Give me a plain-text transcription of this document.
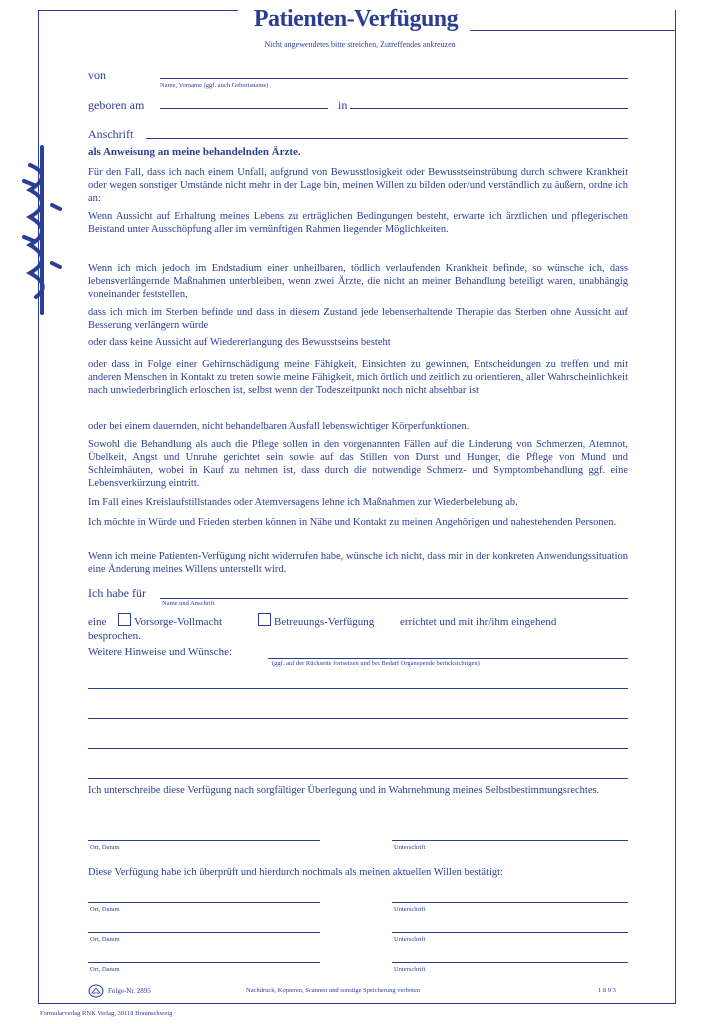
Patienten-Verfügung
Nicht angewendetes bitte streichen, Zutreffendes ankreuzen
von
Name, Vorname (ggf. auch Geburtsname)
geboren am	in
Anschrift
als Anweisung an meine behandelnden Ärzte.
Für den Fall, dass ich nach einem Unfall, aufgrund von Bewusstlosigkeit oder Bewusstseinstrübung durch schwere Krankheit oder wegen sonstiger Umstände nicht mehr in der Lage bin, meinen Willen zu bilden oder/und verständlich zu äußern, ordne ich an:
Wenn Aussicht auf Erhaltung meines Lebens zu erträglichen Bedingungen besteht, erwarte ich ärztlichen und pflegerischen Beistand unter Ausschöpfung aller im vernünftigen Rahmen liegender Möglichkeiten.
Wenn ich mich jedoch im Endstadium einer unheilbaren, tödlich verlaufenden Krankheit befinde, so wünsche ich, dass lebensverlängernde Maßnahmen unterbleiben, wenn zwei Ärzte, die nicht an meiner Behandlung beteiligt waren, unabhängig voneinander feststellen,
dass ich mich im Sterben befinde und dass in diesem Zustand jede lebenserhaltende Therapie das Sterben ohne Aussicht auf Besserung verlängern würde
oder dass keine Aussicht auf Wiedererlangung des Bewusstseins besteht
oder dass in Folge einer Gehirnschädigung meine Fähigkeit, Einsichten zu gewinnen, Entscheidungen zu treffen und mit anderen Menschen in Kontakt zu treten sowie meine Fähigkeit, mich örtlich und zeitlich zu orientieren, aller Wahrscheinlichkeit nach unwiederbringlich erloschen ist, selbst wenn der Todeszeitpunkt noch nicht absehbar ist
oder bei einem dauernden, nicht behandelbaren Ausfall lebenswichtiger Körperfunktionen.
Sowohl die Behandlung als auch die Pflege sollen in den vorgenannten Fällen auf die Linderung von Schmerzen, Atemnot, Übelkeit, Angst und Unruhe gerichtet sein sowie auf das Stillen von Durst und Hunger, die Pflege von Mund und Schleimhäuten, wobei in Kauf zu nehmen ist, dass durch die notwendige Schmerz- und Symptombehandlung ggf. eine Lebensverkürzung eintritt.
Im Fall eines Kreislaufstillstandes oder Atemversagens lehne ich Maßnahmen zur Wiederbelebung ab.
Ich möchte in Würde und Frieden sterben können in Nähe und Kontakt zu meinen Angehörigen und nahestehenden Personen.
Wenn ich meine Patienten-Verfügung nicht widerrufen habe, wünsche ich nicht, dass mir in der konkreten Anwendungssituation eine Änderung meines Willens unterstellt wird.
Ich habe für
Name und Anschrift
eine	Vorsorge-Vollmacht	Betreuungs-Verfügung errichtet und mit ihr/ihm eingehend
besprochen.
Weitere Hinweise und Wünsche:
(ggf. auf der Rückseite fortsetzen und bei Bedarf Organspende berücksichtigen)
Ich unterschreibe diese Verfügung nach sorgfältiger Überlegung und in Wahrnehmung meines Selbstbestimmungsrechtes.
Ort, Datum	Unterschrift
Diese Verfügung habe ich überprüft und hierdurch nochmals als meinen aktuellen Willen bestätigt:
Ort, Datum	Unterschrift
Ort, Datum	Unterschrift
Ort, Datum	Unterschrift
Folge-Nr. 2895	Nachdruck, Kopieren, Scannen und sonstige Speicherung verboten	1 8 9 3
Formularverlag RNK Verlag, 38118 Braunschweig
